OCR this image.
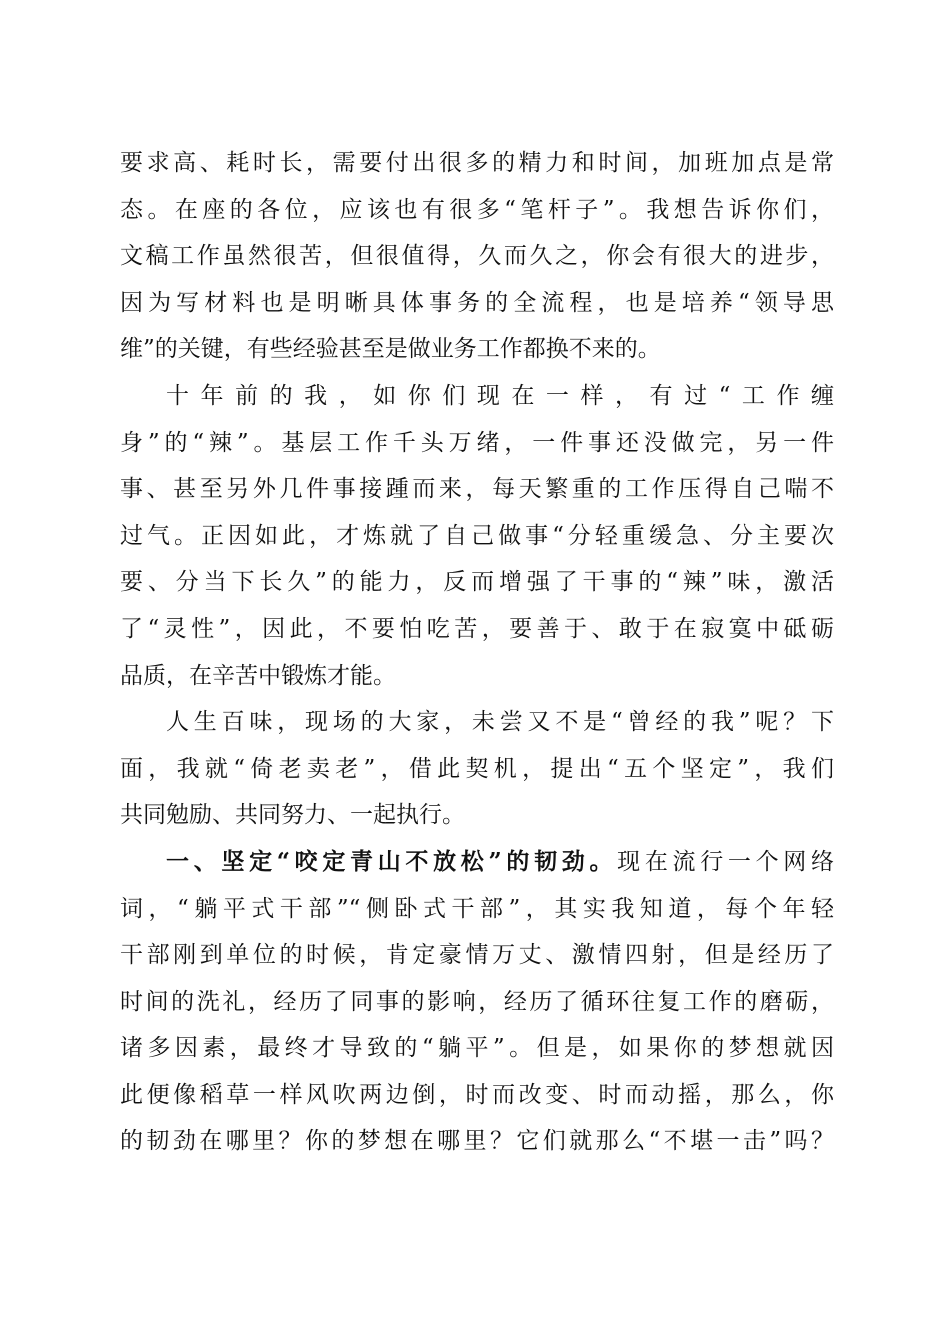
要求高、耗时长，需要付出很多的精力和时间，加班加点是常
态。在座的各位，应该也有很多“笔杆子”。我想告诉你们，
文稿工作虽然很苦，但很值得，久而久之，你会有很大的进步，
因为写材料也是明晰具体事务的全流程，也是培养“领导思
维”的关键，有些经验甚至是做业务工作都换不来的。
十年前的我，如你们现在一样，有过“工作缠
身”的“辣”。基层工作千头万绪，一件事还没做完，另一件
事、甚至另外几件事接踵而来，每天繁重的工作压得自己喘不
过气。正因如此，才炼就了自己做事“分轻重缓急、分主要次
要、分当下长久”的能力，反而增强了干事的“辣”味，激活
了“灵性”，因此，不要怕吃苦，要善于、敢于在寂寞中砥砺
品质，在辛苦中锻炼才能。
人生百味，现场的大家，未尝又不是“曾经的我”呢？下
面，我就“倚老卖老”，借此契机，提出“五个坚定”，我们
共同勉励、共同努力、一起执行。
一、坚定“咬定青山不放松”的韧劲。现在流行一个网络
词，“躺平式干部”“侧卧式干部”，其实我知道，每个年轻
干部刚到单位的时候，肯定豪情万丈、激情四射，但是经历了
时间的洗礼，经历了同事的影响，经历了循环往复工作的磨砺，
诸多因素，最终才导致的“躺平”。但是，如果你的梦想就因
此便像稻草一样风吹两边倒，时而改变、时而动摇，那么，你
的韧劲在哪里？你的梦想在哪里？它们就那么“不堪一击”吗？
